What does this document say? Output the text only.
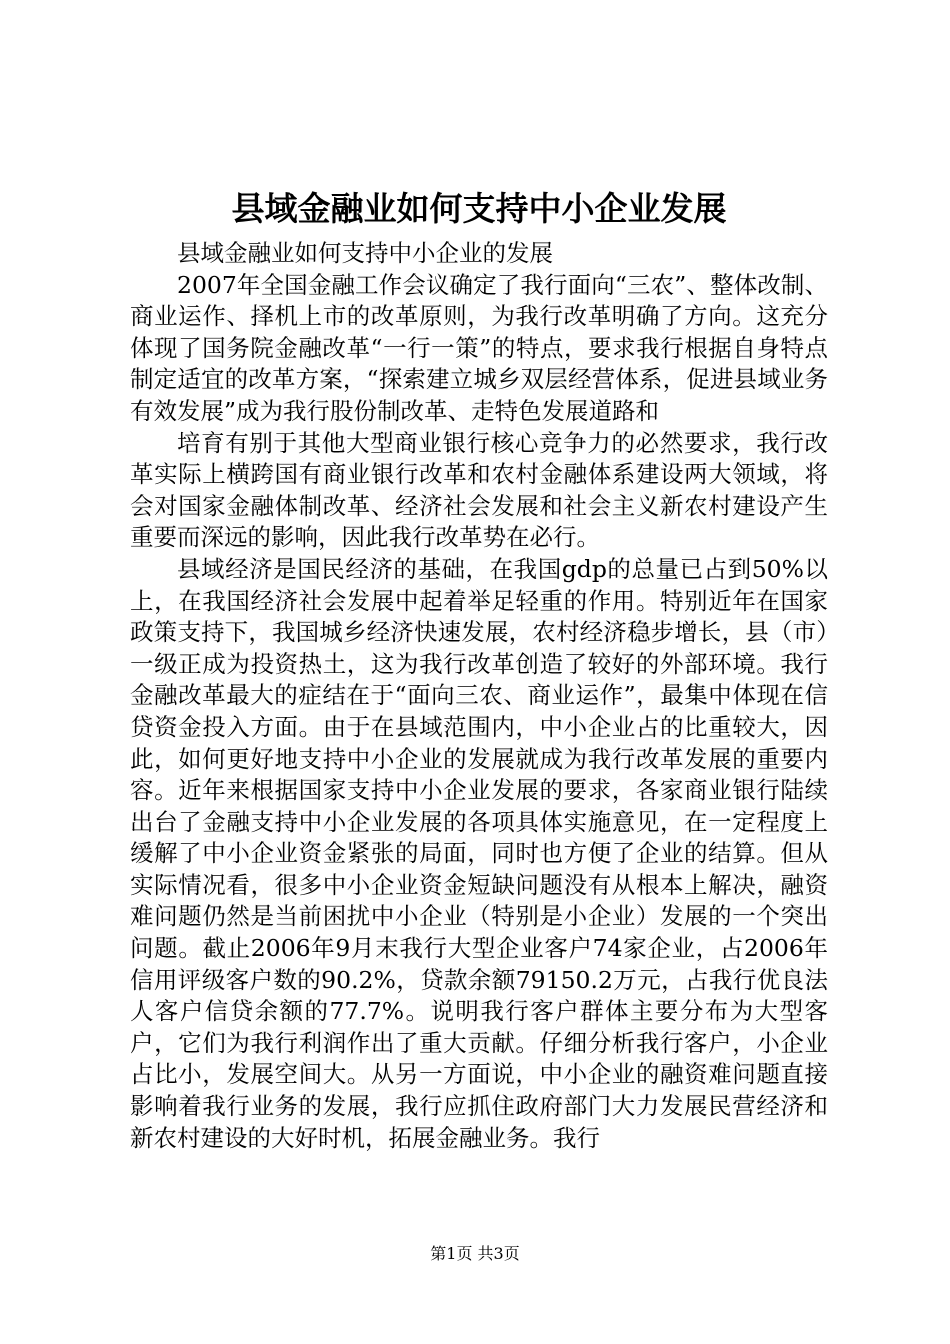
县域金融业如何支持中小企业发展

县域金融业如何支持中小企业的发展

2007年全国金融工作会议确定了我行面向“三农”、整体改制、商业运作、择机上市的改革原则，为我行改革明确了方向。这充分体现了国务院金融改革“一行一策”的特点，要求我行根据自身特点制定适宜的改革方案，“探索建立城乡双层经营体系，促进县域业务有效发展”成为我行股份制改革、走特色发展道路和

培育有别于其他大型商业银行核心竞争力的必然要求，我行改革实际上横跨国有商业银行改革和农村金融体系建设两大领域，将会对国家金融体制改革、经济社会发展和社会主义新农村建设产生重要而深远的影响，因此我行改革势在必行。

县域经济是国民经济的基础，在我国gdp的总量已占到50%以上，在我国经济社会发展中起着举足轻重的作用。特别近年在国家政策支持下，我国城乡经济快速发展，农村经济稳步增长，县（市）一级正成为投资热土，这为我行改革创造了较好的外部环境。我行金融改革最大的症结在于“面向三农、商业运作”，最集中体现在信贷资金投入方面。由于在县域范围内，中小企业占的比重较大，因此，如何更好地支持中小企业的发展就成为我行改革发展的重要内容。近年来根据国家支持中小企业发展的要求，各家商业银行陆续出台了金融支持中小企业发展的各项具体实施意见，在一定程度上缓解了中小企业资金紧张的局面，同时也方便了企业的结算。但从实际情况看，很多中小企业资金短缺问题没有从根本上解决，融资难问题仍然是当前困扰中小企业（特别是小企业）发展的一个突出问题。截止2006年9月末我行大型企业客户74家企业，占2006年信用评级客户数的90.2%，贷款余额79150.2万元，占我行优良法人客户信贷余额的77.7%。说明我行客户群体主要分布为大型客户，它们为我行利润作出了重大贡献。仔细分析我行客户，小企业占比小，发展空间大。从另一方面说，中小企业的融资难问题直接影响着我行业务的发展，我行应抓住政府部门大力发展民营经济和新农村建设的大好时机，拓展金融业务。我行

第1页 共3页
